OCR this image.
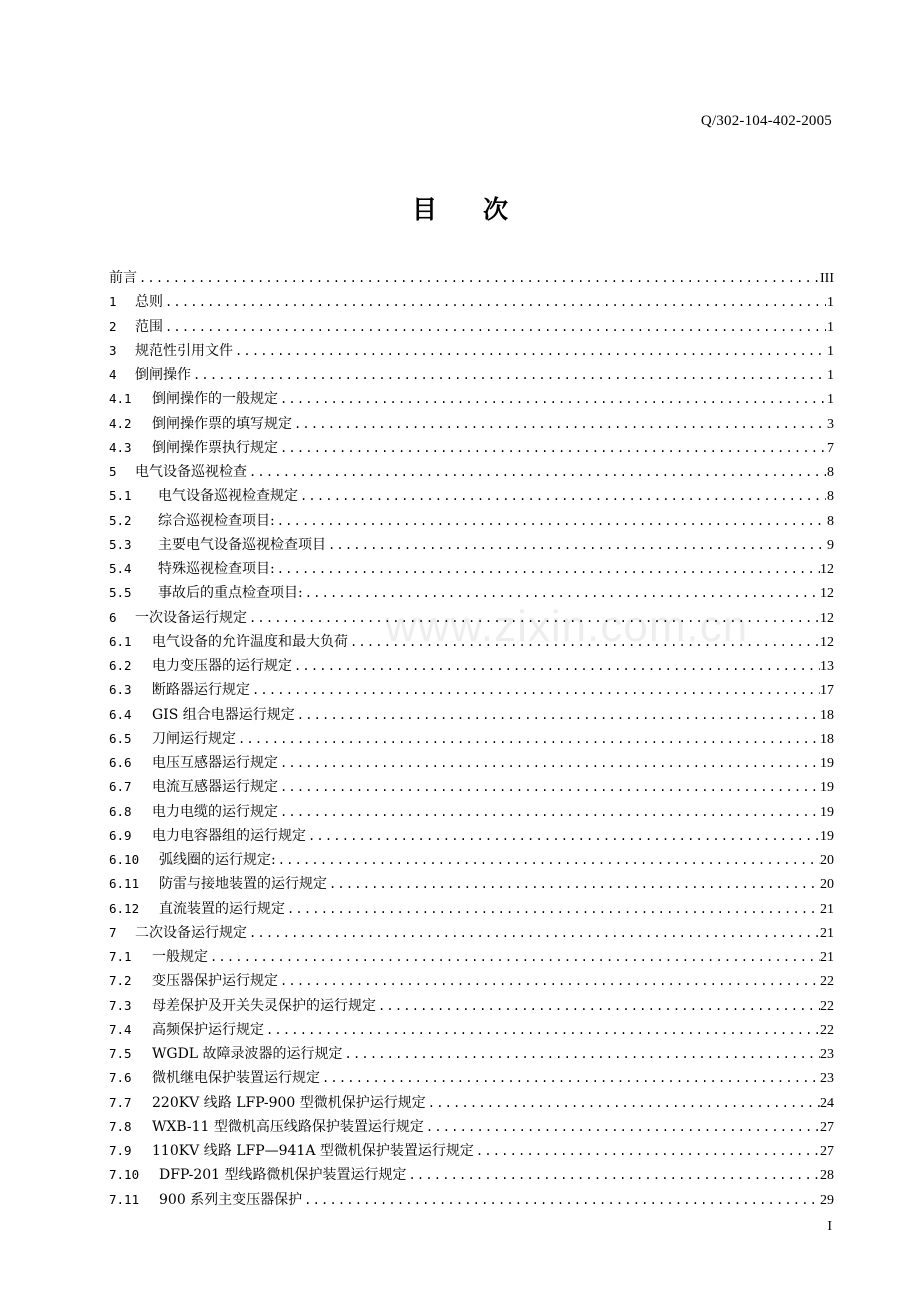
Q/302-104-402-2005
目次
www.zixin.com.cn
前言 .....	III
1	总则 .....	1
2	范围 .....	1
3	规范性引用文件 .....	1
4	倒闸操作 .....	1
4.1	倒闸操作的一般规定 .....	1
4.2	倒闸操作票的填写规定 .....	3
4.3	倒闸操作票执行规定 .....	7
5	电气设备巡视检查 .....	8
5.1	电气设备巡视检查规定 .....	8
5.2	综合巡视检查项目: .....	8
5.3	主要电气设备巡视检查项目 .....	9
5.4	特殊巡视检查项目: .....	12
5.5	事故后的重点检查项目: .....	12
6	一次设备运行规定 .....	12
6.1	电气设备的允许温度和最大负荷 .....	12
6.2	电力变压器的运行规定 .....	13
6.3	断路器运行规定 .....	17
6.4	GIS 组合电器运行规定 .....	18
6.5	刀闸运行规定 .....	18
6.6	电压互感器运行规定 .....	19
6.7	电流互感器运行规定 .....	19
6.8	电力电缆的运行规定 .....	19
6.9	电力电容器组的运行规定 .....	19
6.10	弧线圈的运行规定: .....	20
6.11	防雷与接地装置的运行规定 .....	20
6.12	直流装置的运行规定 .....	21
7	二次设备运行规定 .....	21
7.1	一般规定 .....	21
7.2	变压器保护运行规定 .....	22
7.3	母差保护及开关失灵保护的运行规定 .....	22
7.4	高频保护运行规定 .....	22
7.5	WGDL 故障录波器的运行规定 .....	23
7.6	微机继电保护装置运行规定 .....	23
7.7	220KV 线路 LFP-900 型微机保护运行规定 .....	24
7.8	WXB-11 型微机高压线路保护装置运行规定 .....	27
7.9	110KV 线路 LFP—941A 型微机保护装置运行规定 .....	27
7.10	DFP-201 型线路微机保护装置运行规定 .....	28
7.11	900 系列主变压器保护 .....	29
I
